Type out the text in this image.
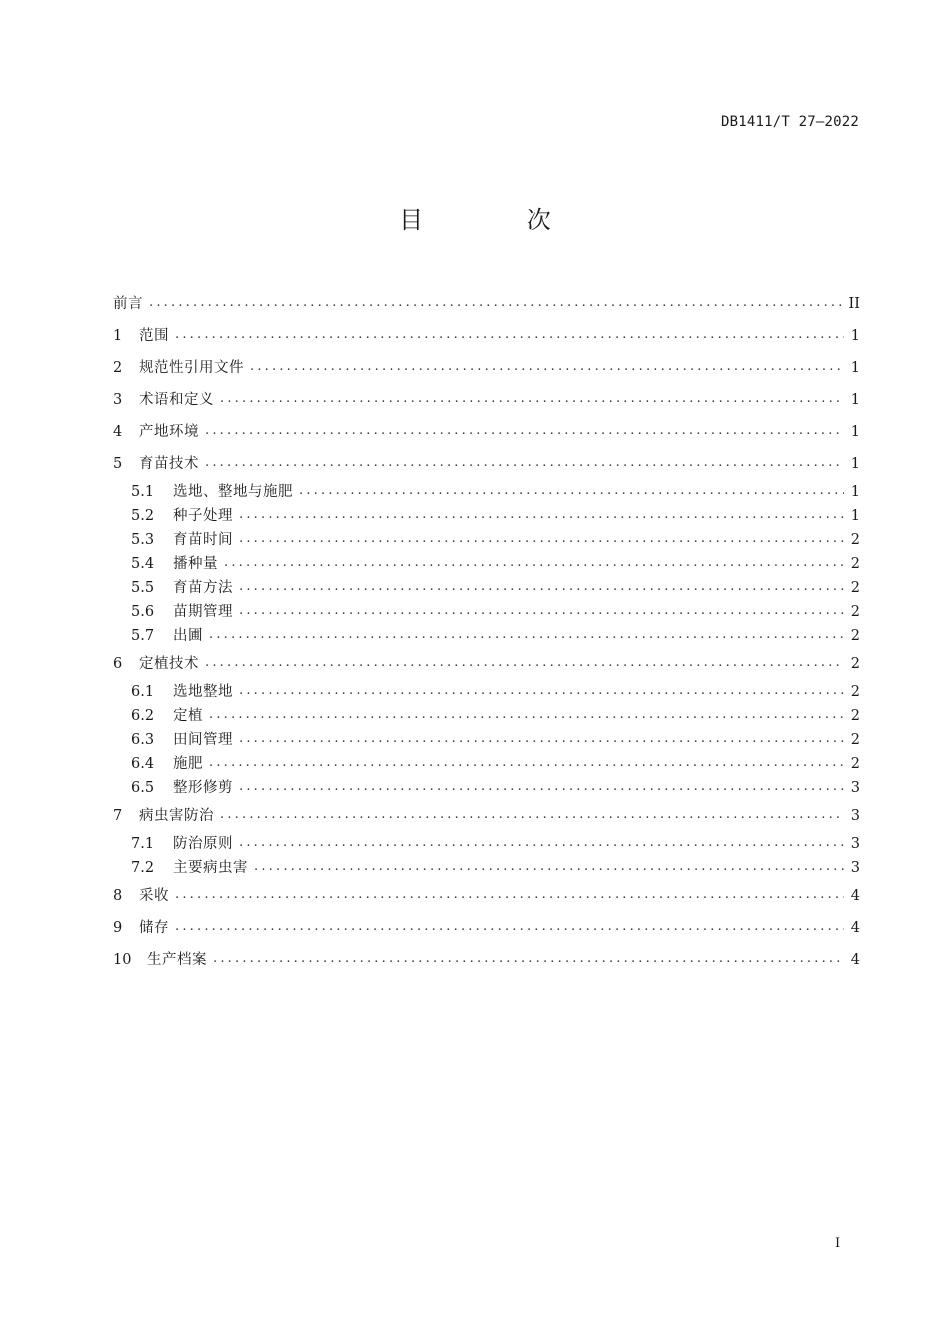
DB1411/T 27—2022
目 次
前言 .....	II
1	范围 .....	1
2	规范性引用文件 .....	1
3	术语和定义 .....	1
4	产地环境 .....	1
5	育苗技术 .....	1
5.1	选地、整地与施肥 .....	1
5.2	种子处理 .....	1
5.3	育苗时间 .....	2
5.4	播种量 .....	2
5.5	育苗方法 .....	2
5.6	苗期管理 .....	2
5.7	出圃 .....	2
6	定植技术 .....	2
6.1	选地整地 .....	2
6.2	定植 .....	2
6.3	田间管理 .....	2
6.4	施肥 .....	2
6.5	整形修剪 .....	3
7	病虫害防治 .....	3
7.1	防治原则 .....	3
7.2	主要病虫害 .....	3
8	采收 .....	4
9	储存 .....	4
10	生产档案 .....	4
I
